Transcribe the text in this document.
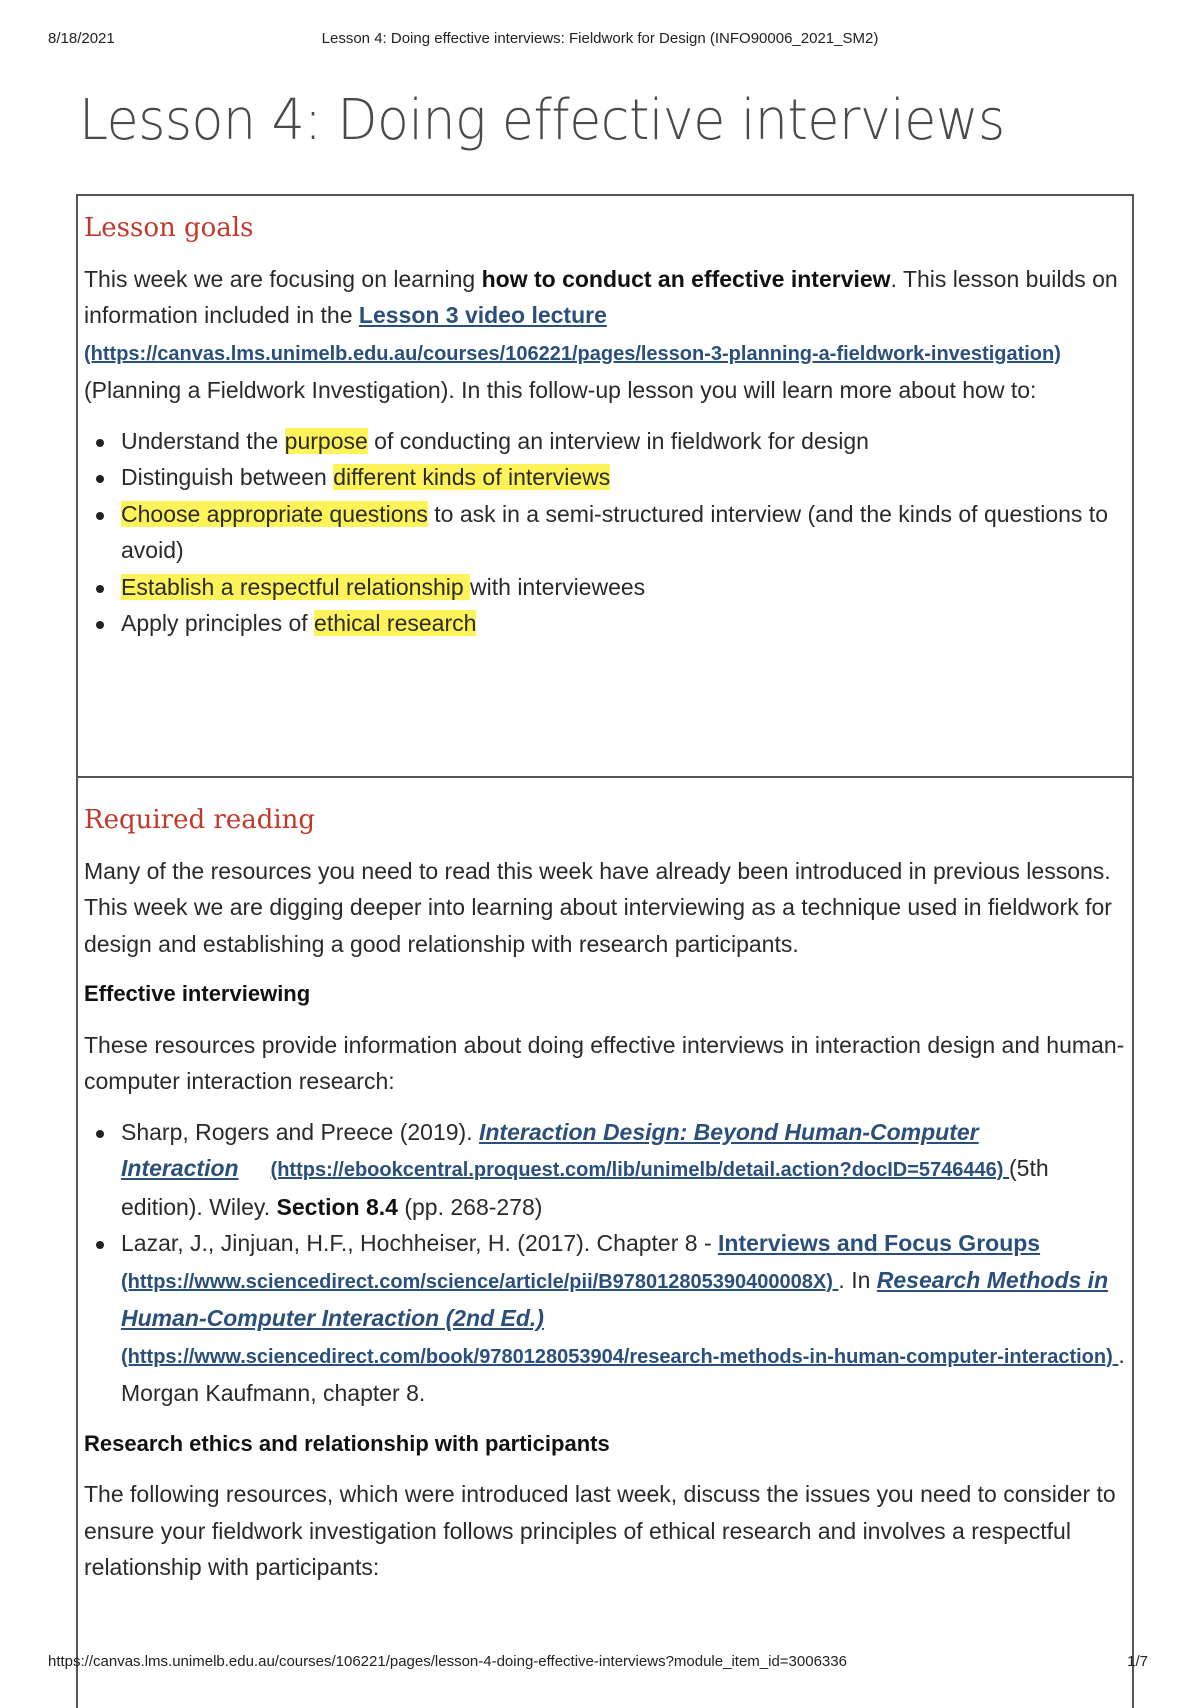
8/18/2021	Lesson 4: Doing effective interviews: Fieldwork for Design (INFO90006_2021_SM2)
Lesson 4: Doing effective interviews
Lesson goals

This week we are focusing on learning how to conduct an effective interview. This lesson builds on information included in the Lesson 3 video lecture
(https://canvas.lms.unimelb.edu.au/courses/106221/pages/lesson-3-planning-a-fieldwork-investigation) (Planning a Fieldwork Investigation). In this follow-up lesson you will learn more about how to:

Understand the purpose of conducting an interview in fieldwork for design
Distinguish between different kinds of interviews
Choose appropriate questions to ask in a semi-structured interview (and the kinds of questions to avoid)
Establish a respectful relationship with interviewees
Apply principles of ethical research
Required reading

Many of the resources you need to read this week have already been introduced in previous lessons. This week we are digging deeper into learning about interviewing as a technique used in fieldwork for design and establishing a good relationship with research participants.

Effective interviewing

These resources provide information about doing effective interviews in interaction design and human-computer interaction research:

Sharp, Rogers and Preece (2019). Interaction Design: Beyond Human-Computer Interaction (https://ebookcentral.proquest.com/lib/unimelb/detail.action?docID=5746446) (5th edition). Wiley. Section 8.4 (pp. 268-278)
Lazar, J., Jinjuan, H.F., Hochheiser, H. (2017). Chapter 8 - Interviews and Focus Groups
(https://www.sciencedirect.com/science/article/pii/B978012805390400008X) . In Research Methods in Human-Computer Interaction (2nd Ed.)
(https://www.sciencedirect.com/book/9780128053904/research-methods-in-human-computer-interaction) . Morgan Kaufmann, chapter 8.

Research ethics and relationship with participants

The following resources, which were introduced last week, discuss the issues you need to consider to ensure your fieldwork investigation follows principles of ethical research and involves a respectful relationship with participants:

https://canvas.lms.unimelb.edu.au/courses/106221/pages/lesson-4-doing-effective-interviews?module_item_id=3006336	1/7
